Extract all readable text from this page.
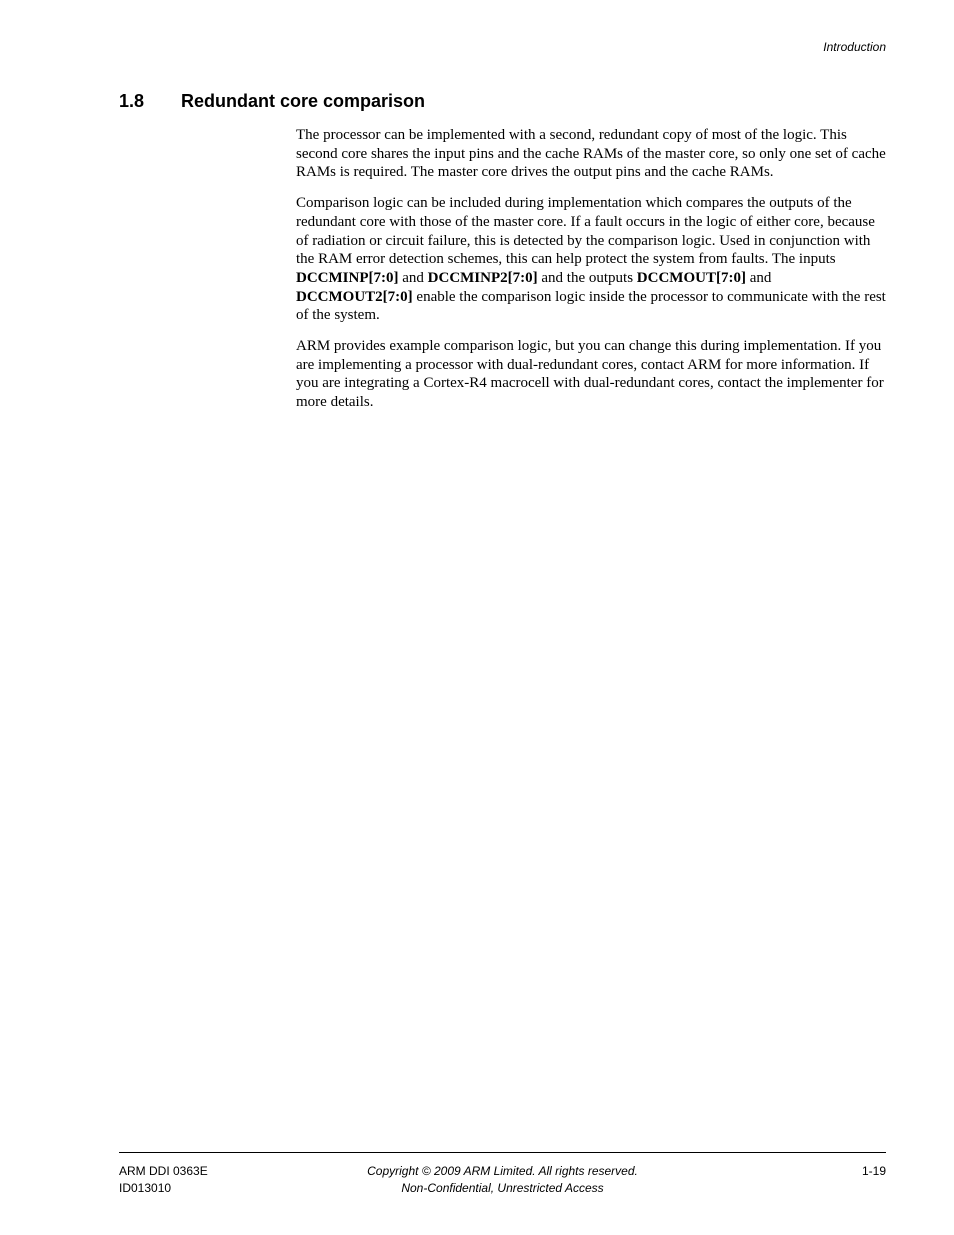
Introduction
1.8	Redundant core comparison

The processor can be implemented with a second, redundant copy of most of the logic. This second core shares the input pins and the cache RAMs of the master core, so only one set of cache RAMs is required. The master core drives the output pins and the cache RAMs.

Comparison logic can be included during implementation which compares the outputs of the redundant core with those of the master core. If a fault occurs in the logic of either core, because of radiation or circuit failure, this is detected by the comparison logic. Used in conjunction with the RAM error detection schemes, this can help protect the system from faults. The inputs DCCMINP[7:0] and DCCMINP2[7:0] and the outputs DCCMOUT[7:0] and DCCMOUT2[7:0] enable the comparison logic inside the processor to communicate with the rest of the system.

ARM provides example comparison logic, but you can change this during implementation. If you are implementing a processor with dual-redundant cores, contact ARM for more information. If you are integrating a Cortex-R4 macrocell with dual-redundant cores, contact the implementer for more details.

ARM DDI 0363E
ID013010
Copyright © 2009 ARM Limited. All rights reserved.
Non-Confidential, Unrestricted Access
1-19
